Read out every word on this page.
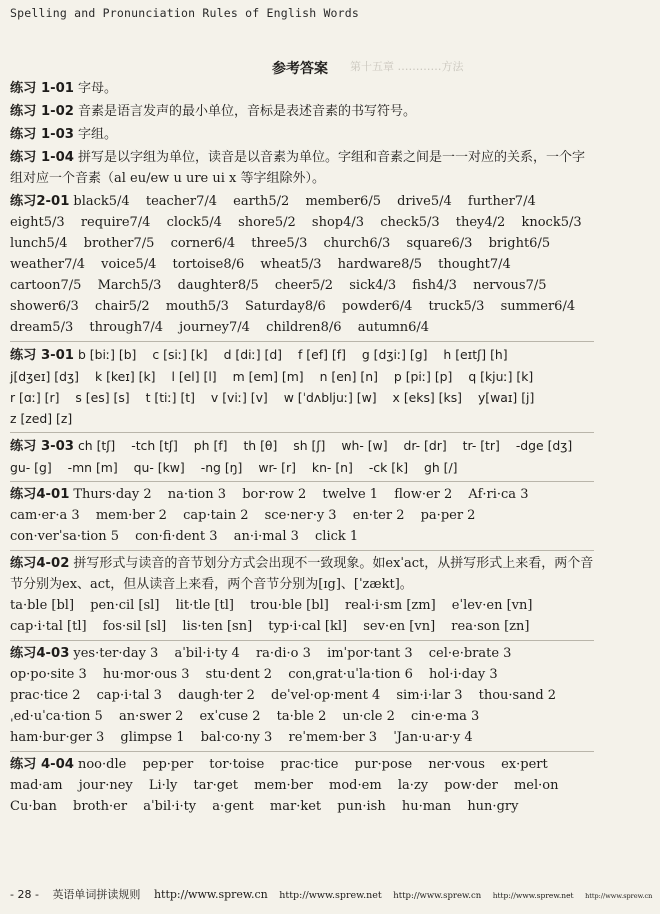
Spelling and Pronunciation Rules of English Words
第十五章 …………方法
参考答案
练习 1-01 字母。
练习 1-02 音素是语言发声的最小单位，音标是表述音素的书写符号。
练习 1-03 字组。
练习 1-04 拼写是以字组为单位，读音是以音素为单位。字组和音素之间是一一对应的关系，一个字组对应一个音素（al eu/ew u ure ui x 等字组除外）。
练习2-01 black5/4 teacher7/4 earth5/2 member6/5 drive5/4 further7/4 eight5/3 require7/4 clock5/4 shore5/2 shop4/3 check5/3 they4/2 knock5/3 lunch5/4 brother7/5 corner6/4 three5/3 church6/3 square6/3 bright6/5 weather7/4 voice5/4 tortoise8/6 wheat5/3 hardware8/5 thought7/4 cartoon7/5 March5/3 daughter8/5 cheer5/2 sick4/3 fish4/3 nervous7/5 shower6/3 chair5/2 mouth5/3 Saturday8/6 powder6/4 truck5/3 summer6/4 dream5/3 through7/4 journey7/4 children8/6 autumn6/4
练习 3-01 b [biː] [b] c [siː] [k] d [diː] [d] f [ef] [f] g [dʒiː] [g] h [eɪtʃ] [h] j[dʒeɪ] [dʒ] k [keɪ] [k] l [el] [l] m [em] [m] n [en] [n] p [piː] [p] q [kjuː] [k] r [ɑː] [r] s [es] [s] t [tiː] [t] v [viː] [v] w [ˈdʌbljuː] [w] x [eks] [ks] y[waɪ] [j] z [zed] [z]
练习 3-03 ch [tʃ] -tch [tʃ] ph [f] th [θ] sh [ʃ] wh- [w] dr- [dr] tr- [tr] -dge [dʒ] gu- [g] -mn [m] qu- [kw] -ng [ŋ] wr- [r] kn- [n] -ck [k] gh [/]
练习4-01 Thurs·day 2 na·tion 3 bor·row 2 twelve 1 flow·er 2 Af·ri·ca 3 cam·er·a 3 mem·ber 2 cap·tain 2 sce·ner·y 3 en·ter 2 pa·per 2 con·verˈsa·tion 5 con·fi·dent 3 an·i·mal 3 click 1
练习4-02 拼写形式与读音的音节划分方式会出现不一致现象。如exˈact，从拼写形式上来看，两个音节分别为ex、act，但从读音上来看，两个音节分别为[ɪg]、[ˈzækt]。
ta·ble [bl] pen·cil [sl] lit·tle [tl] trou·ble [bl] real·i·sm [zm] eˈlev·en [vn] cap·i·tal [tl] fos·sil [sl] lis·ten [sn] typ·i·cal [kl] sev·en [vn] rea·son [zn]
练习4-03 yes·ter·day 3 aˈbil·i·ty 4 ra·di·o 3 imˈpor·tant 3 cel·e·brate 3 op·po·site 3 hu·mor·ous 3 stu·dent 2 conˌgrat·uˈla·tion 6 hol·i·day 3 prac·tice 2 cap·i·tal 3 daugh·ter 2 deˈvel·op·ment 4 sim·i·lar 3 thou·sand 2 ˌed·uˈca·tion 5 an·swer 2 exˈcuse 2 ta·ble 2 un·cle 2 cin·e·ma 3 ham·bur·ger 3 glimpse 1 bal·co·ny 3 reˈmem·ber 3 ˈJan·u·ar·y 4
练习 4-04 noo·dle pep·per tor·toise prac·tice pur·pose ner·vous ex·pert mad·am jour·ney Li·ly tar·get mem·ber mod·em la·zy pow·der mel·on Cu·ban broth·er aˈbil·i·ty a·gent mar·ket pun·ish hu·man hun·gry
- 28 - 英语单词拼读规则 http://www.sprew.cn http://www.sprew.net http://www.sprew.cn http://www.sprew.net http://www.sprew.cn
